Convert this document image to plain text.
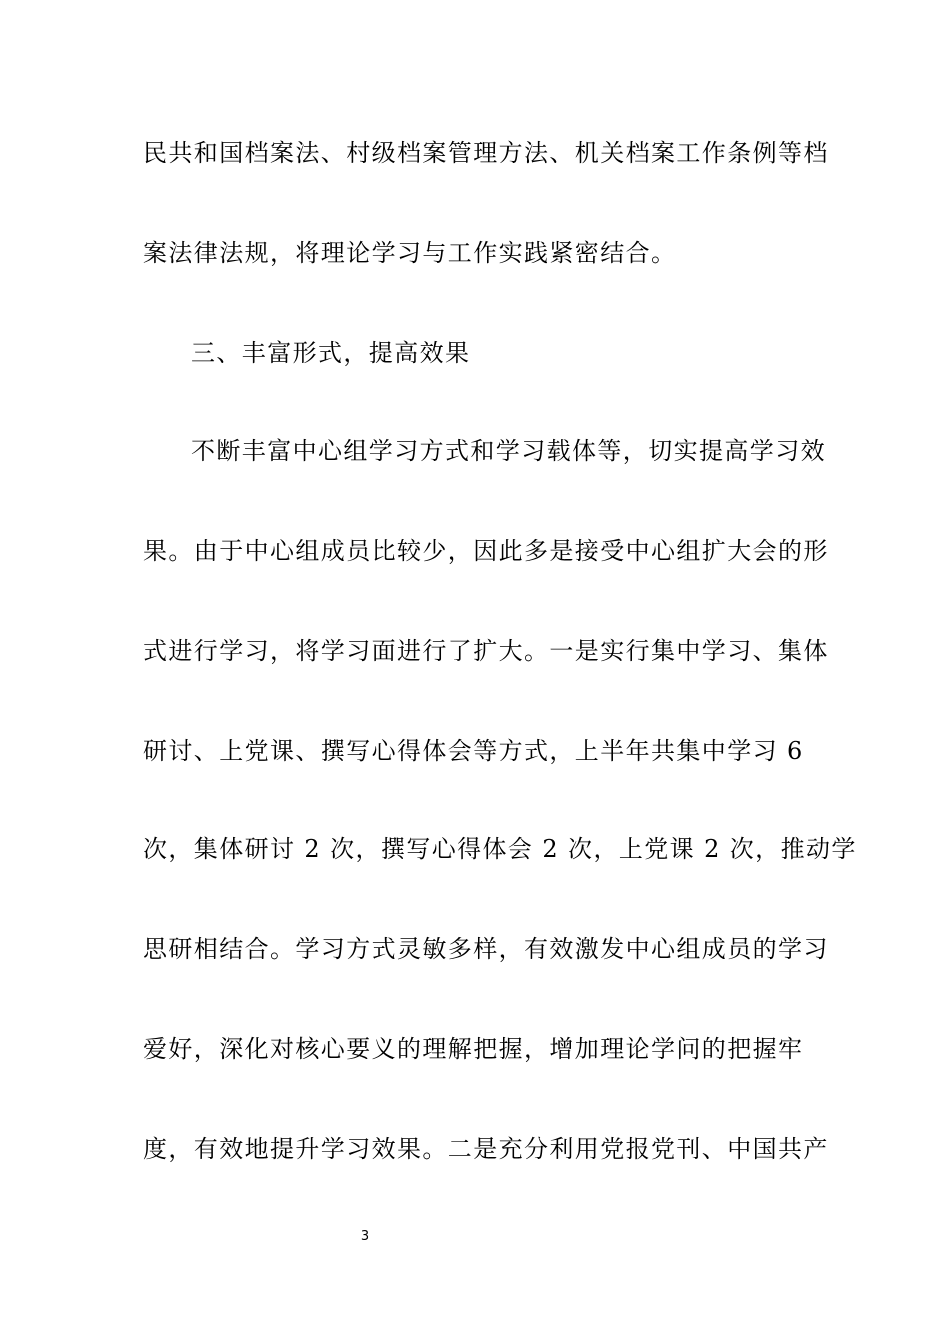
民共和国档案法、村级档案管理方法、机关档案工作条例等档
案法律法规，将理论学习与工作实践紧密结合。
三、丰富形式，提高效果
不断丰富中心组学习方式和学习载体等，切实提高学习效
果。由于中心组成员比较少，因此多是接受中心组扩大会的形
式进行学习，将学习面进行了扩大。一是实行集中学习、集体
研讨、上党课、撰写心得体会等方式，上半年共集中学习 6
次，集体研讨 2 次，撰写心得体会 2 次，上党课 2 次，推动学
思研相结合。学习方式灵敏多样，有效激发中心组成员的学习
爱好，深化对核心要义的理解把握，增加理论学问的把握牢
度，有效地提升学习效果。二是充分利用党报党刊、中国共产
3
